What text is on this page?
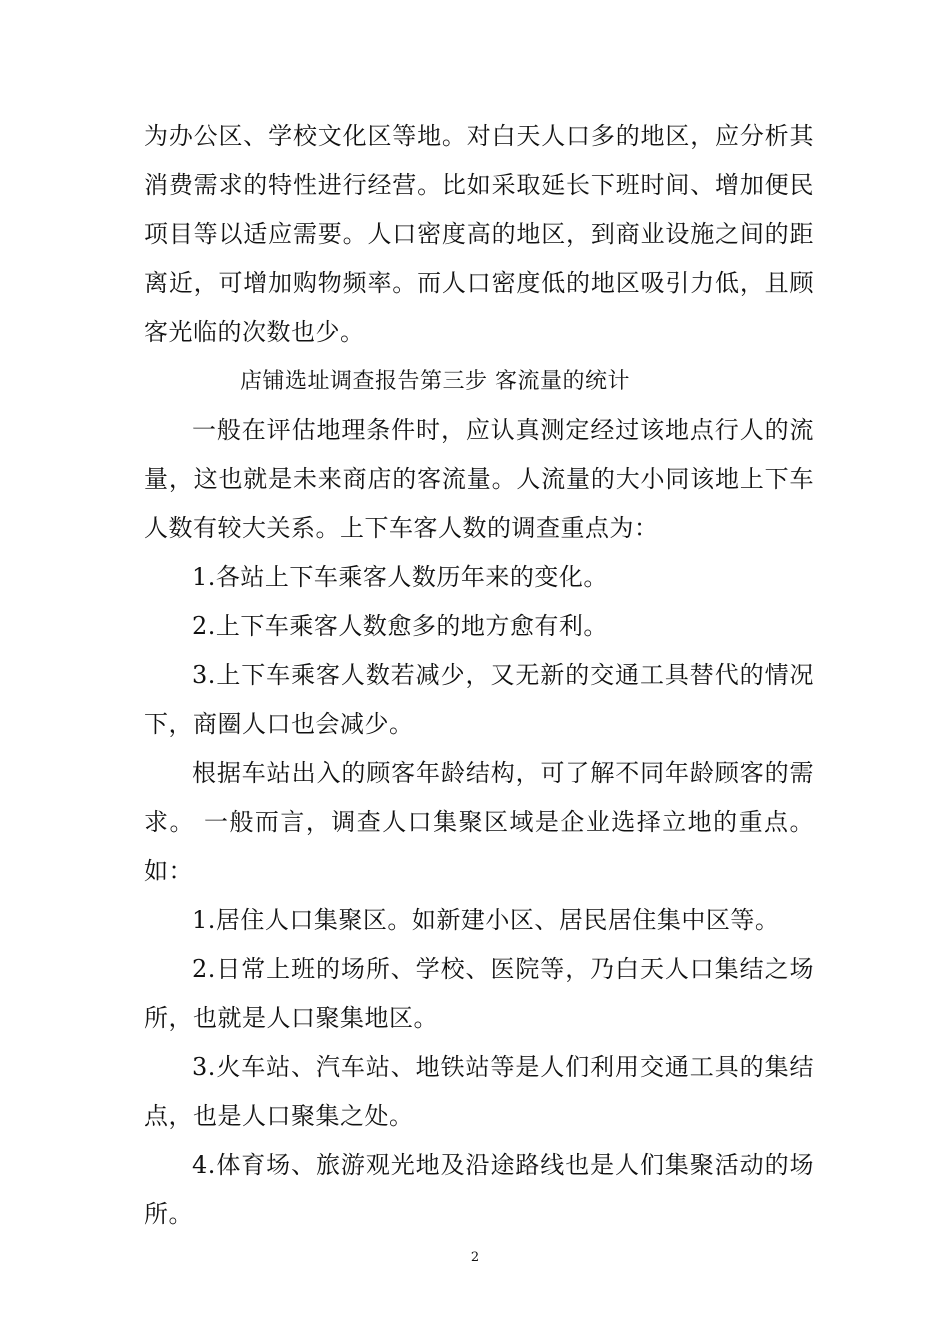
为办公区、学校文化区等地。对白天人口多的地区，应分析其消费需求的特性进行经营。比如采取延长下班时间、增加便民项目等以适应需要。人口密度高的地区，到商业设施之间的距离近，可增加购物频率。而人口密度低的地区吸引力低，且顾客光临的次数也少。

店铺选址调查报告第三步 客流量的统计

一般在评估地理条件时，应认真测定经过该地点行人的流量，这也就是未来商店的客流量。人流量的大小同该地上下车人数有较大关系。上下车客人数的调查重点为：

1.各站上下车乘客人数历年来的变化。

2.上下车乘客人数愈多的地方愈有利。

3.上下车乘客人数若减少，又无新的交通工具替代的情况下，商圈人口也会减少。

根据车站出入的顾客年龄结构，可了解不同年龄顾客的需求。 一般而言，调查人口集聚区域是企业选择立地的重点。如：

1.居住人口集聚区。如新建小区、居民居住集中区等。

2.日常上班的场所、学校、医院等，乃白天人口集结之场所，也就是人口聚集地区。

3.火车站、汽车站、地铁站等是人们利用交通工具的集结点，也是人口聚集之处。

4.体育场、旅游观光地及沿途路线也是人们集聚活动的场所。

2
